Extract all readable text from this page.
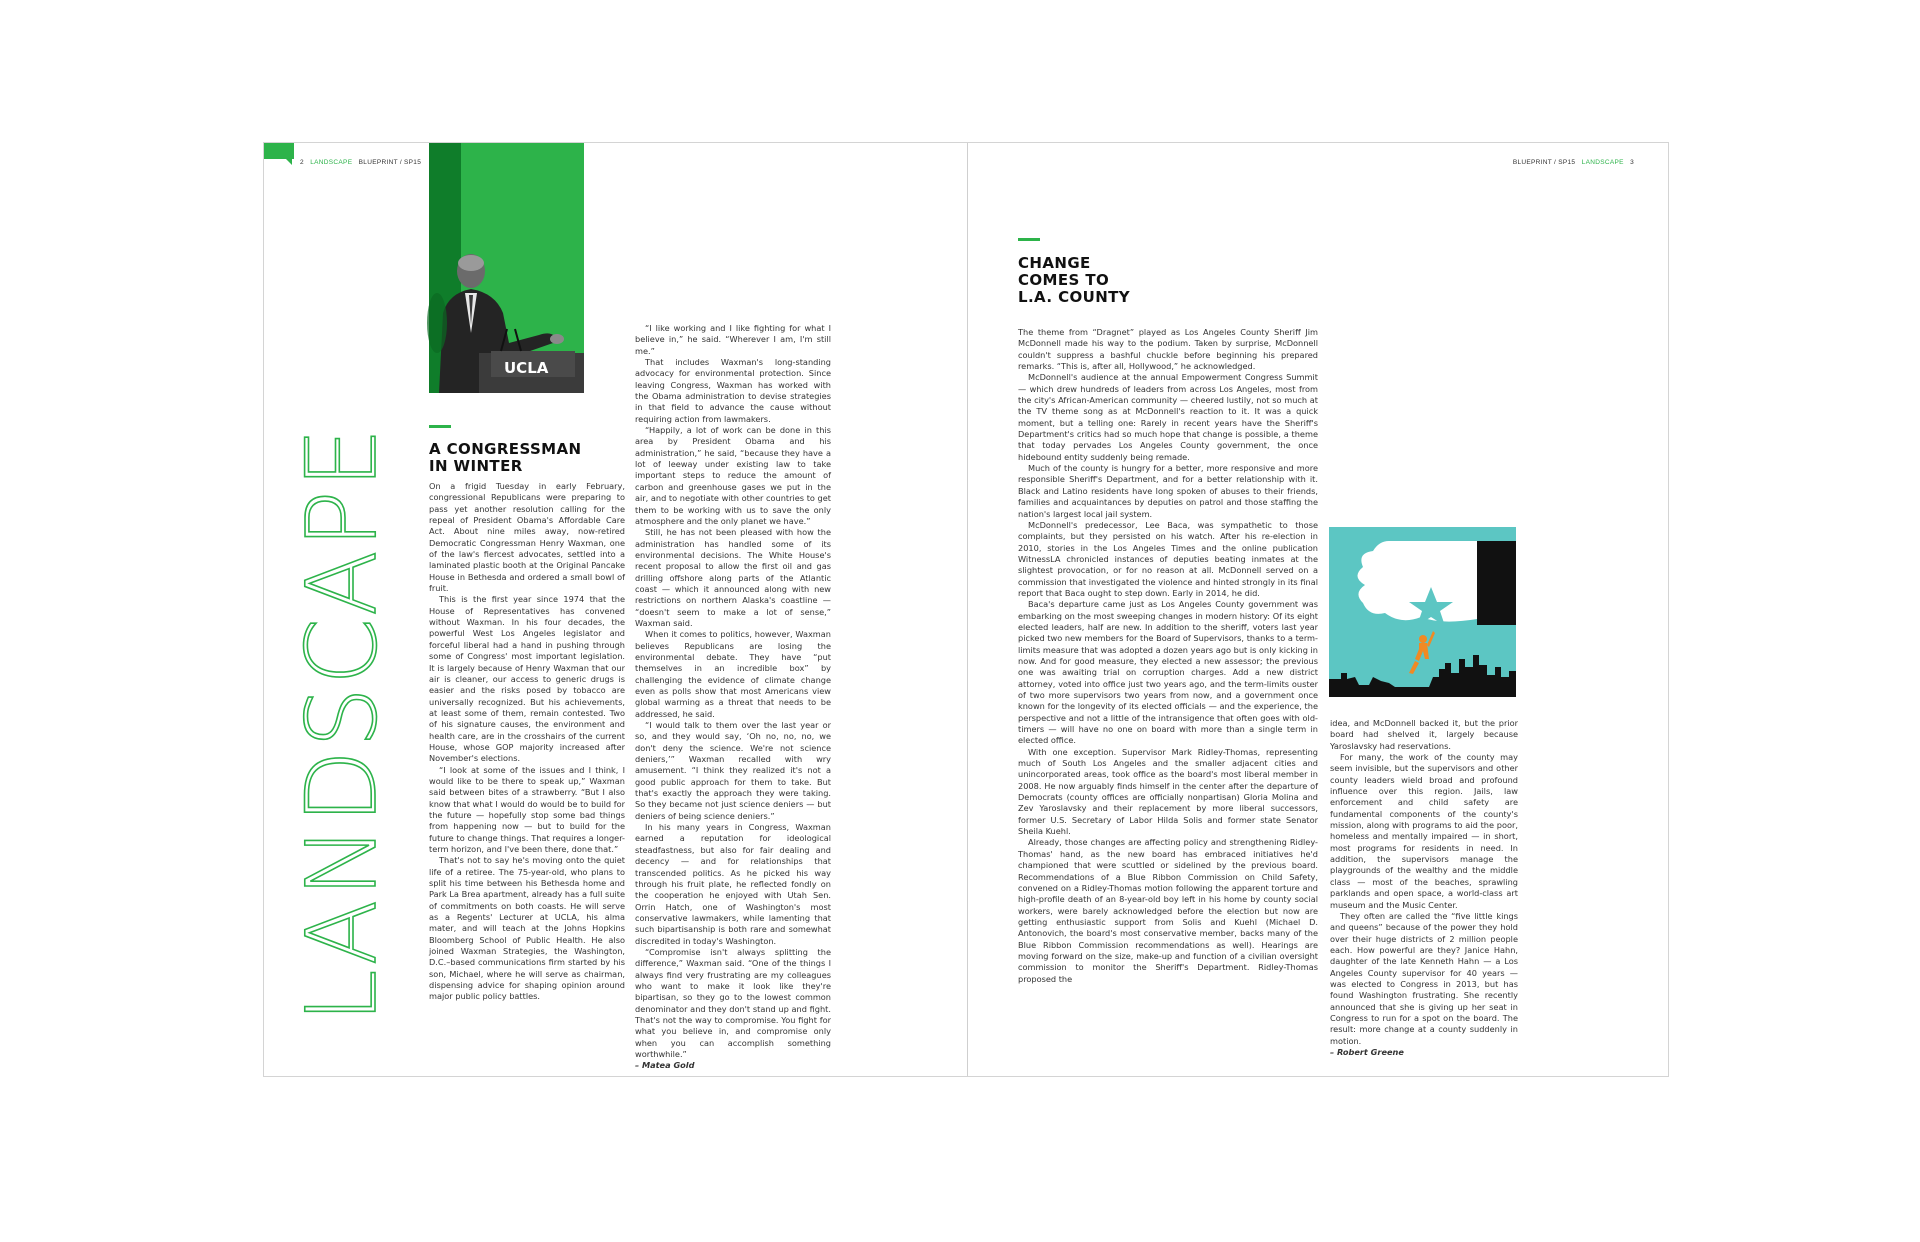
2 LANDSCAPE BLUEPRINT / SP15
LANDSCAPE
UCLA
A CONGRESSMAN
IN WINTER

On a frigid Tuesday in early February, congressional Republicans were preparing to pass yet another resolution calling for the repeal of President Obama's Affordable Care Act. About nine miles away, now-retired Democratic Congressman Henry Waxman, one of the law's fiercest advocates, settled into a laminated plastic booth at the Original Pancake House in Bethesda and ordered a small bowl of fruit.

This is the first year since 1974 that the House of Representatives has convened without Waxman. In his four decades, the powerful West Los Angeles legislator and forceful liberal had a hand in pushing through some of Congress' most important legislation. It is largely because of Henry Waxman that our air is cleaner, our access to generic drugs is easier and the risks posed by tobacco are universally recognized. But his achievements, at least some of them, remain contested. Two of his signature causes, the environment and health care, are in the crosshairs of the current House, whose GOP majority increased after November's elections.

“I look at some of the issues and I think, I would like to be there to speak up,” Waxman said between bites of a strawberry. “But I also know that what I would do would be to build for the future — hopefully stop some bad things from happening now — but to build for the future to change things. That requires a longer-term horizon, and I've been there, done that.”

That's not to say he's moving onto the quiet life of a retiree. The 75-year-old, who plans to split his time between his Bethesda home and Park La Brea apartment, already has a full suite of commitments on both coasts. He will serve as a Regents' Lecturer at UCLA, his alma mater, and will teach at the Johns Hopkins Bloomberg School of Public Health. He also joined Waxman Strategies, the Washington, D.C.–based communications firm started by his son, Michael, where he will serve as chairman, dispensing advice for shaping opinion around major public policy battles.

“I like working and I like fighting for what I believe in,” he said. “Wherever I am, I'm still me.”

That includes Waxman's long-standing advocacy for environmental protection. Since leaving Congress, Waxman has worked with the Obama administration to devise strategies in that field to advance the cause without requiring action from lawmakers.

“Happily, a lot of work can be done in this area by President Obama and his administration,” he said, “because they have a lot of leeway under existing law to take important steps to reduce the amount of carbon and greenhouse gases we put in the air, and to negotiate with other countries to get them to be working with us to save the only atmosphere and the only planet we have.”

Still, he has not been pleased with how the administration has handled some of its environmental decisions. The White House's recent proposal to allow the first oil and gas drilling offshore along parts of the Atlantic coast — which it announced along with new restrictions on northern Alaska's coastline — “doesn't seem to make a lot of sense,” Waxman said.

When it comes to politics, however, Waxman believes Republicans are losing the environmental debate. They have “put themselves in an incredible box” by challenging the evidence of climate change even as polls show that most Americans view global warming as a threat that needs to be addressed, he said.

“I would talk to them over the last year or so, and they would say, ‘Oh no, no, no, we don't deny the science. We're not science deniers,’” Waxman recalled with wry amusement. “I think they realized it's not a good public approach for them to take. But that's exactly the approach they were taking. So they became not just science deniers — but deniers of being science deniers.”

In his many years in Congress, Waxman earned a reputation for ideological steadfastness, but also for fair dealing and decency — and for relationships that transcended politics. As he picked his way through his fruit plate, he reflected fondly on the cooperation he enjoyed with Utah Sen. Orrin Hatch, one of Washington's most conservative lawmakers, while lamenting that such bipartisanship is both rare and somewhat discredited in today's Washington.

“Compromise isn't always splitting the difference,” Waxman said. “One of the things I always find very frustrating are my colleagues who want to make it look like they're bipartisan, so they go to the lowest common denominator and they don't stand up and fight. That's not the way to compromise. You fight for what you believe in, and compromise only when you can accomplish something worthwhile.”

– Matea Gold

BLUEPRINT / SP15 LANDSCAPE 3
CHANGE
COMES TO
L.A. COUNTY

The theme from “Dragnet” played as Los Angeles County Sheriff Jim McDonnell made his way to the podium. Taken by surprise, McDonnell couldn't suppress a bashful chuckle before beginning his prepared remarks. “This is, after all, Hollywood,” he acknowledged.

McDonnell's audience at the annual Empowerment Congress Summit — which drew hundreds of leaders from across Los Angeles, most from the city's African-American community — cheered lustily, not so much at the TV theme song as at McDonnell's reaction to it. It was a quick moment, but a telling one: Rarely in recent years have the Sheriff's Department's critics had so much hope that change is possible, a theme that today pervades Los Angeles County government, the once hidebound entity suddenly being remade.

Much of the county is hungry for a better, more responsive and more responsible Sheriff's Department, and for a better relationship with it. Black and Latino residents have long spoken of abuses to their friends, families and acquaintances by deputies on patrol and those staffing the nation's largest local jail system.

McDonnell's predecessor, Lee Baca, was sympathetic to those complaints, but they persisted on his watch. After his re-election in 2010, stories in the Los Angeles Times and the online publication WitnessLA chronicled instances of deputies beating inmates at the slightest provocation, or for no reason at all. McDonnell served on a commission that investigated the violence and hinted strongly in its final report that Baca ought to step down. Early in 2014, he did.

Baca's departure came just as Los Angeles County government was embarking on the most sweeping changes in modern history: Of its eight elected leaders, half are new. In addition to the sheriff, voters last year picked two new members for the Board of Supervisors, thanks to a term-limits measure that was adopted a dozen years ago but is only kicking in now. And for good measure, they elected a new assessor; the previous one was awaiting trial on corruption charges. Add a new district attorney, voted into office just two years ago, and the term-limits ouster of two more supervisors two years from now, and a government once known for the longevity of its elected officials — and the experience, the perspective and not a little of the intransigence that often goes with old-timers — will have no one on board with more than a single term in elected office.

With one exception. Supervisor Mark Ridley-Thomas, representing much of South Los Angeles and the smaller adjacent cities and unincorporated areas, took office as the board's most liberal member in 2008. He now arguably finds himself in the center after the departure of Democrats (county offices are officially nonpartisan) Gloria Molina and Zev Yaroslavsky and their replacement by more liberal successors, former U.S. Secretary of Labor Hilda Solis and former state Senator Sheila Kuehl.

Already, those changes are affecting policy and strengthening Ridley-Thomas' hand, as the new board has embraced initiatives he'd championed that were scuttled or sidelined by the previous board. Recommendations of a Blue Ribbon Commission on Child Safety, convened on a Ridley-Thomas motion following the apparent torture and high-profile death of an 8-year-old boy left in his home by county social workers, were barely acknowledged before the election but now are getting enthusiastic support from Solis and Kuehl (Michael D. Antonovich, the board's most conservative member, backs many of the Blue Ribbon Commission recommendations as well). Hearings are moving forward on the size, make-up and function of a civilian oversight commission to monitor the Sheriff's Department. Ridley-Thomas proposed the

idea, and McDonnell backed it, but the prior board had shelved it, largely because Yaroslavsky had reservations.

For many, the work of the county may seem invisible, but the supervisors and other county leaders wield broad and profound influence over this region. Jails, law enforcement and child safety are fundamental components of the county's mission, along with programs to aid the poor, homeless and mentally impaired — in short, most programs for residents in need. In addition, the supervisors manage the playgrounds of the wealthy and the middle class — most of the beaches, sprawling parklands and open space, a world-class art museum and the Music Center.

They often are called the “five little kings and queens” because of the power they hold over their huge districts of 2 million people each. How powerful are they? Janice Hahn, daughter of the late Kenneth Hahn — a Los Angeles County supervisor for 40 years — was elected to Congress in 2013, but has found Washington frustrating. She recently announced that she is giving up her seat in Congress to run for a spot on the board. The result: more change at a county suddenly in motion.

– Robert Greene
